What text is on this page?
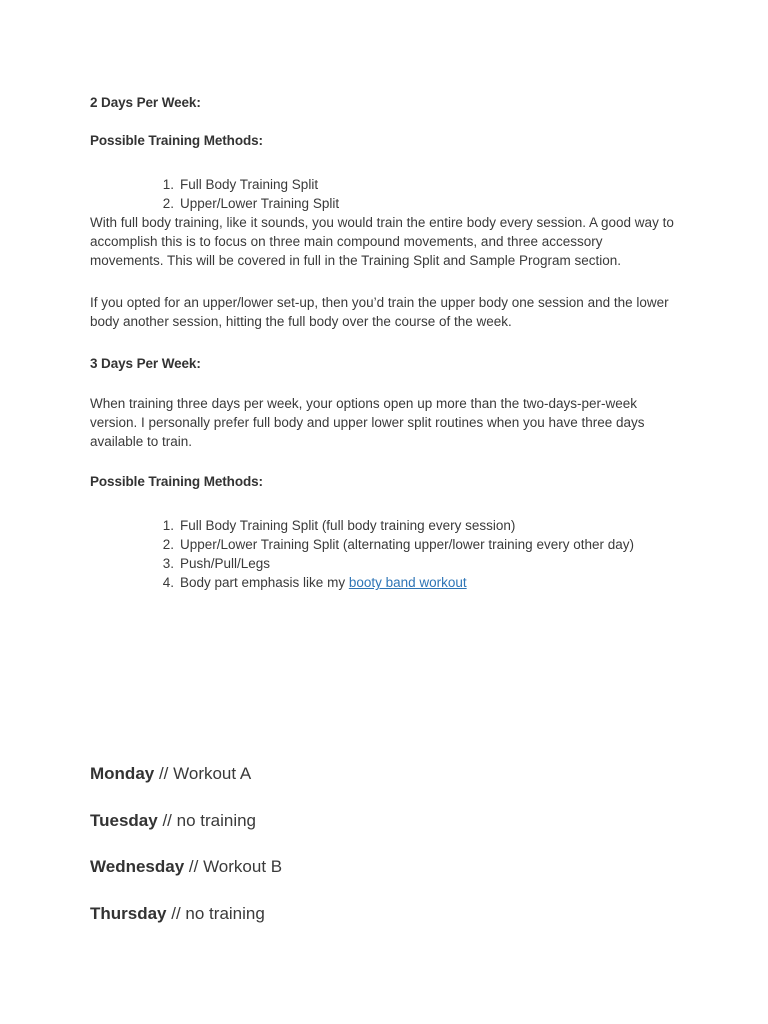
2 Days Per Week:
Possible Training Methods:
1. Full Body Training Split
2. Upper/Lower Training Split
With full body training, like it sounds, you would train the entire body every session. A good way to accomplish this is to focus on three main compound movements, and three accessory movements. This will be covered in full in the Training Split and Sample Program section.
If you opted for an upper/lower set-up, then you’d train the upper body one session and the lower body another session, hitting the full body over the course of the week.
3 Days Per Week:
When training three days per week, your options open up more than the two-days-per-week version. I personally prefer full body and upper lower split routines when you have three days available to train.
Possible Training Methods:
1. Full Body Training Split (full body training every session)
2. Upper/Lower Training Split (alternating upper/lower training every other day)
3. Push/Pull/Legs
4. Body part emphasis like my booty band workout
Monday // Workout A
Tuesday // no training
Wednesday // Workout B
Thursday // no training
